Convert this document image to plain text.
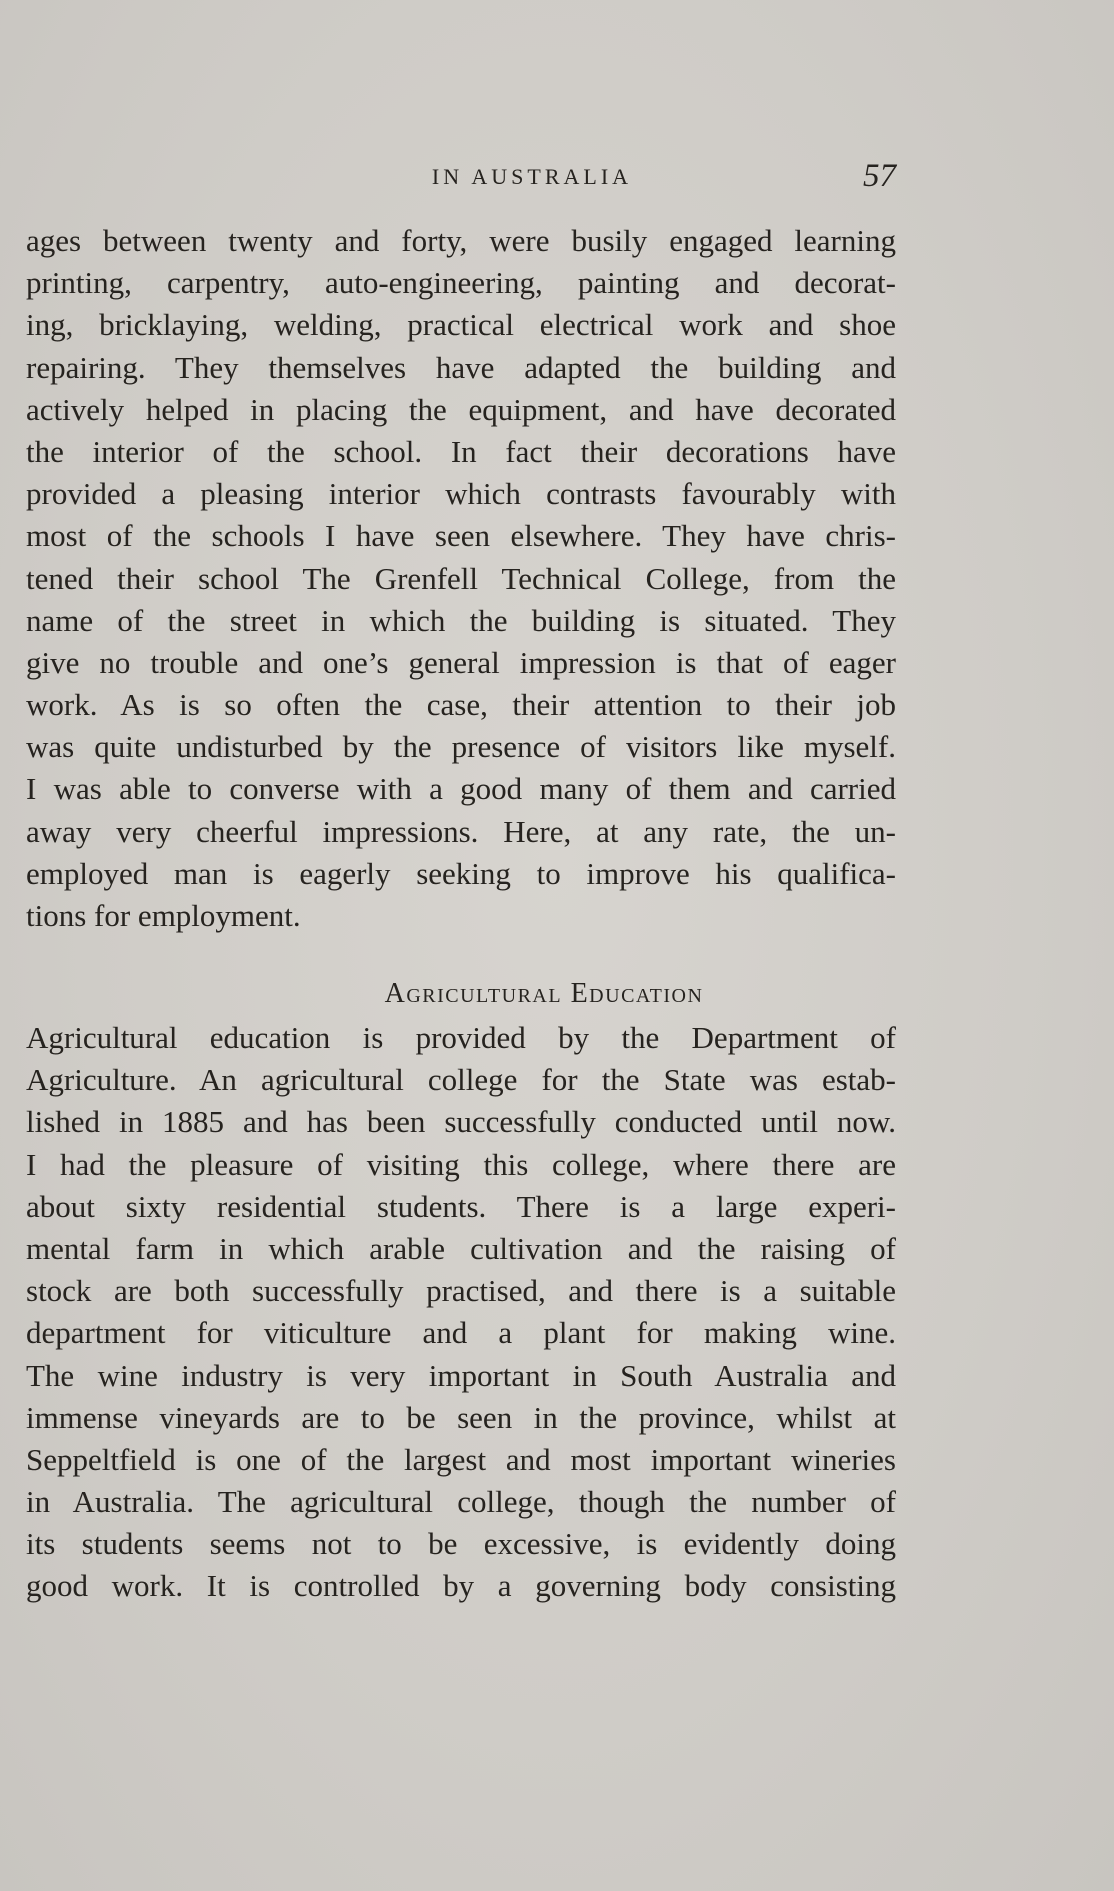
IN AUSTRALIA	57
ages between twenty and forty, were busily engaged learning
printing, carpentry, auto-engineering, painting and decorat-
ing, bricklaying, welding, practical electrical work and shoe
repairing. They themselves have adapted the building and
actively helped in placing the equipment, and have decorated
the interior of the school. In fact their decorations have
provided a pleasing interior which contrasts favourably with
most of the schools I have seen elsewhere. They have chris-
tened their school The Grenfell Technical College, from the
name of the street in which the building is situated. They
give no trouble and one’s general impression is that of eager
work. As is so often the case, their attention to their job
was quite undisturbed by the presence of visitors like myself.
I was able to converse with a good many of them and carried
away very cheerful impressions. Here, at any rate, the un-
employed man is eagerly seeking to improve his qualifica-
tions for employment.
Agricultural Education
Agricultural education is provided by the Department of
Agriculture. An agricultural college for the State was estab-
lished in 1885 and has been successfully conducted until now.
I had the pleasure of visiting this college, where there are
about sixty residential students. There is a large experi-
mental farm in which arable cultivation and the raising of
stock are both successfully practised, and there is a suitable
department for viticulture and a plant for making wine.
The wine industry is very important in South Australia and
immense vineyards are to be seen in the province, whilst at
Seppeltfield is one of the largest and most important wineries
in Australia. The agricultural college, though the number of
its students seems not to be excessive, is evidently doing
good work. It is controlled by a governing body consisting
